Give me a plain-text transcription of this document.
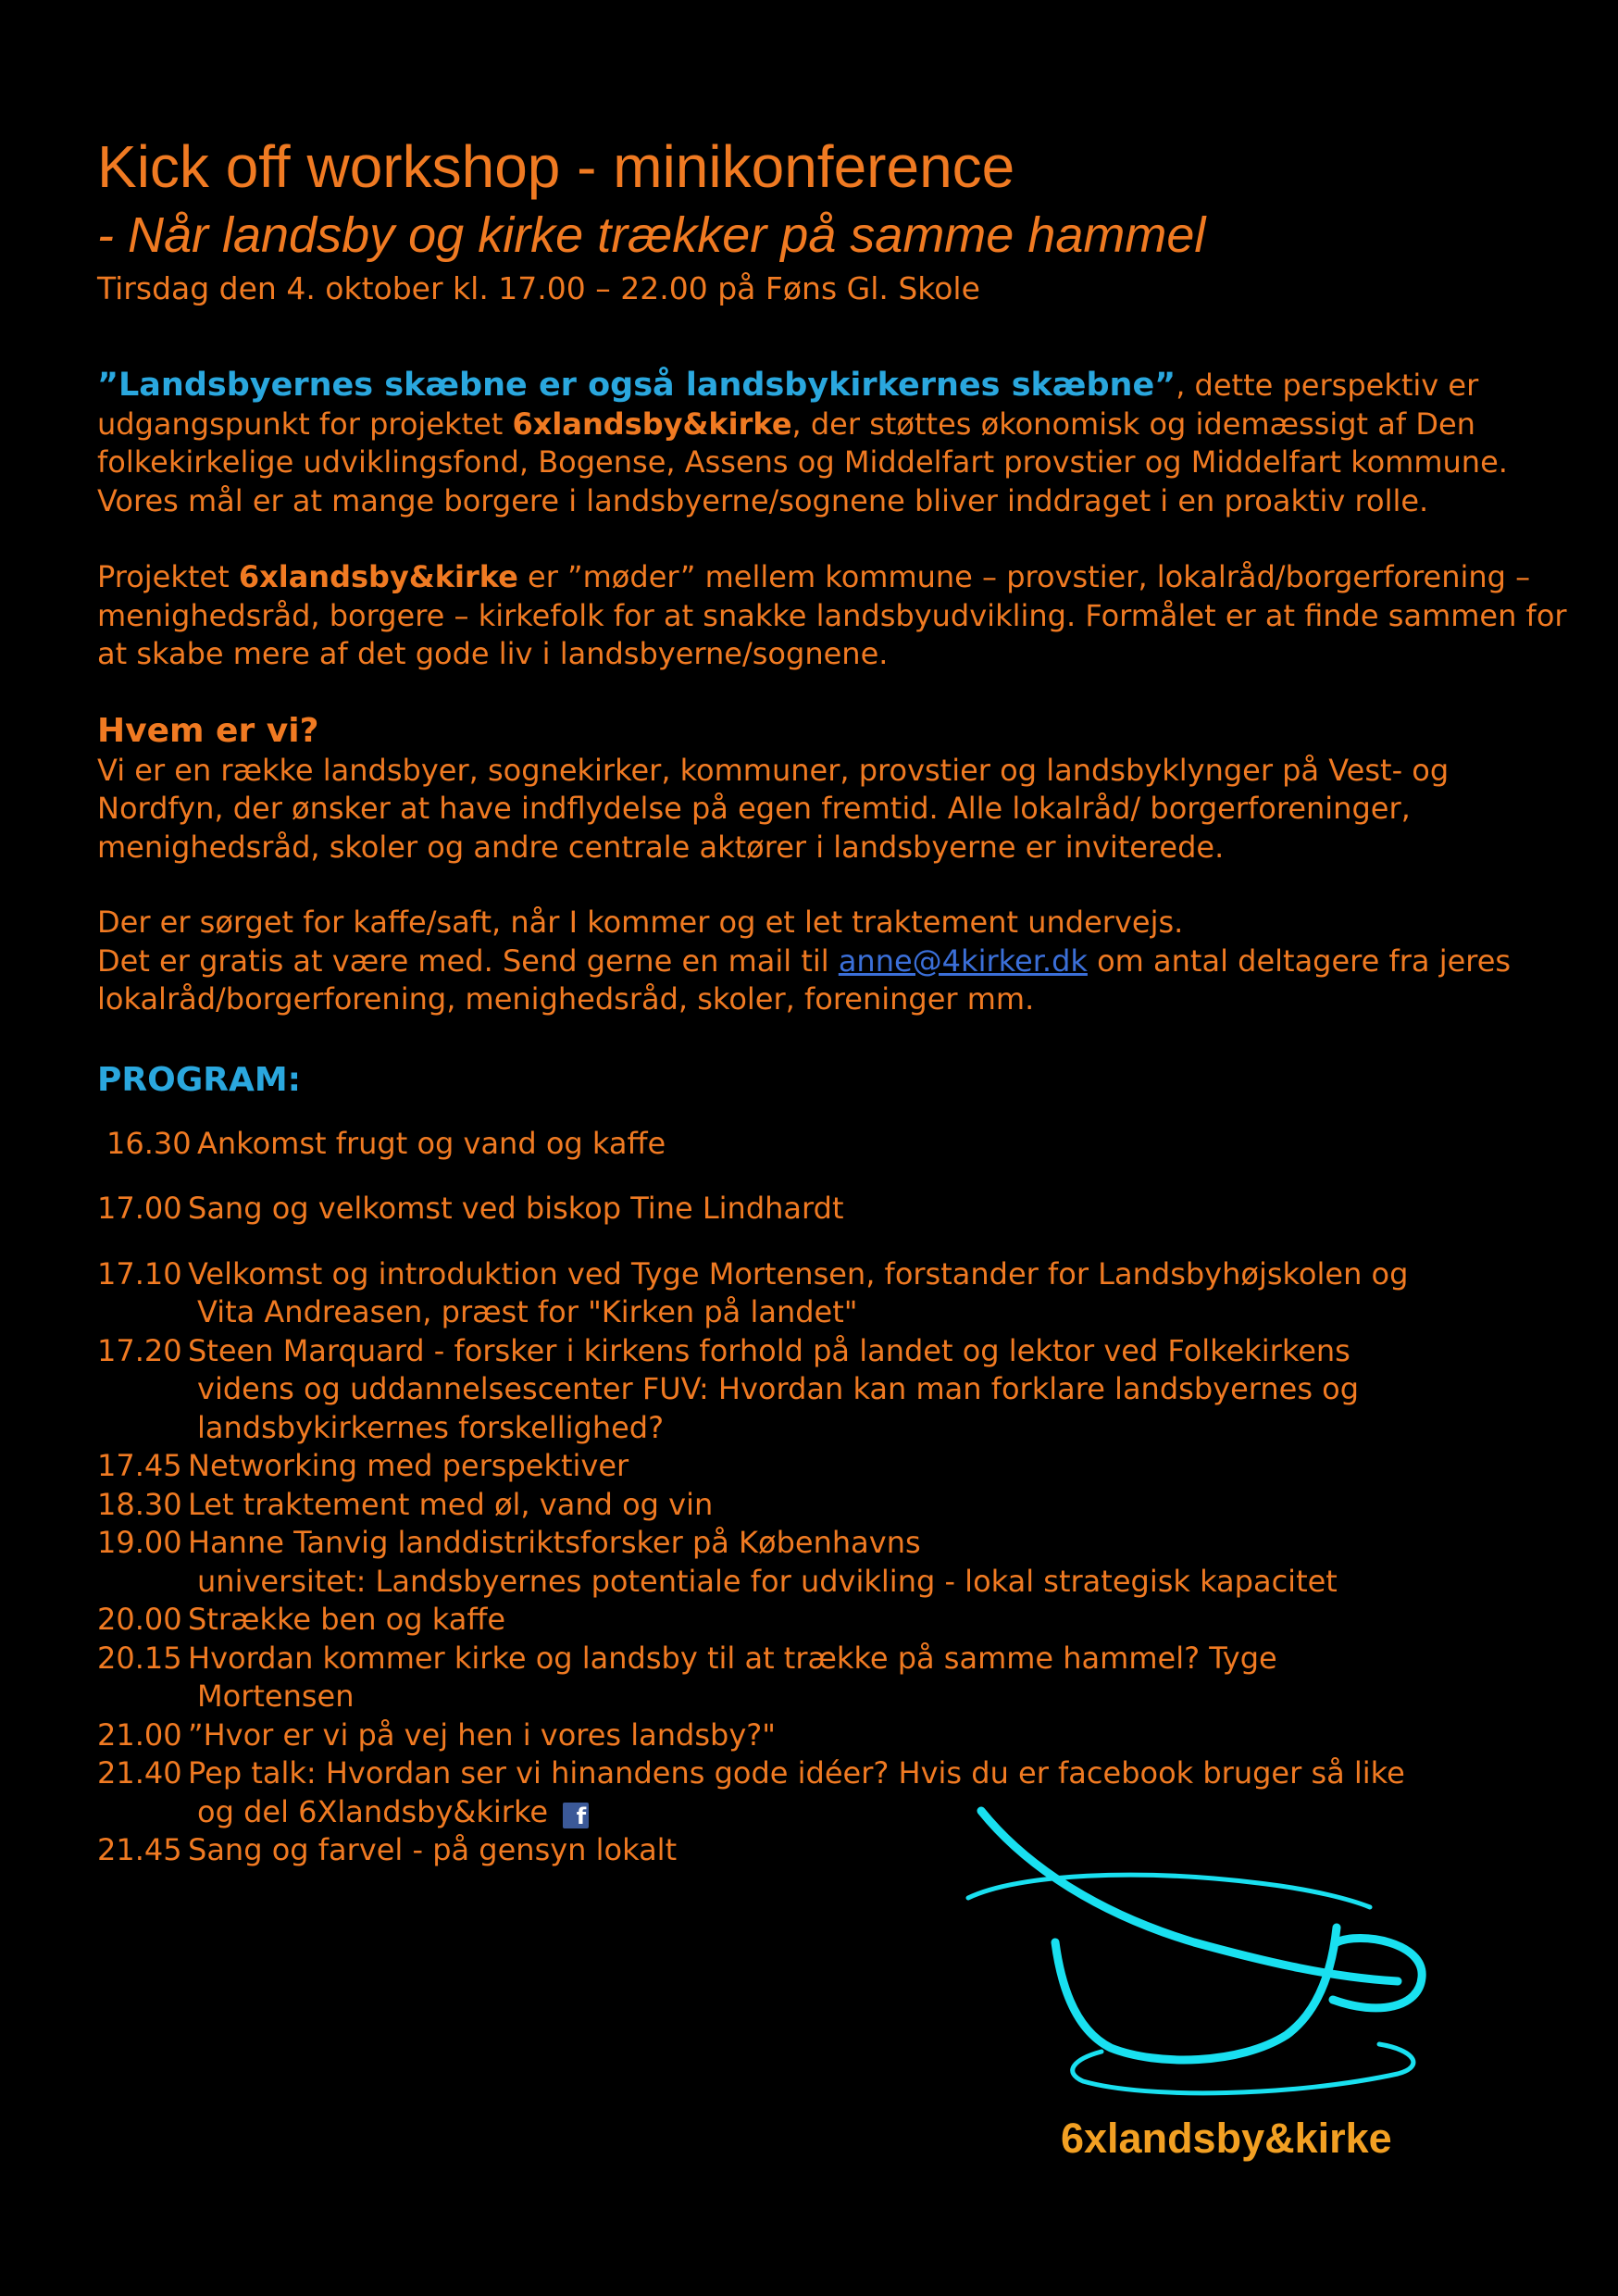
Kick off workshop - minikonference
- Når landsby og kirke trækker på samme hammel

Tirsdag den 4. oktober kl. 17.00 – 22.00 på Føns Gl. Skole

”Landsbyernes skæbne er også landsbykirkernes skæbne”, dette perspektiv er udgangspunkt for projektet 6xlandsby&kirke, der støttes økonomisk og idemæssigt af Den folkekirkelige udviklingsfond, Bogense, Assens og Middelfart provstier og Middelfart kommune. Vores mål er at mange borgere i landsbyerne/sognene bliver inddraget i en proaktiv rolle.

Projektet 6xlandsby&kirke er ”møder” mellem kommune – provstier, lokalråd/borgerforening – menighedsråd, borgere – kirkefolk for at snakke landsbyudvikling. Formålet er at finde sammen for at skabe mere af det gode liv i landsbyerne/sognene.

Hvem er vi?

Vi er en række landsbyer, sognekirker, kommuner, provstier og landsbyklynger på Vest- og Nordfyn, der ønsker at have indflydelse på egen fremtid. Alle lokalråd/ borgerforeninger, menighedsråd, skoler og andre centrale aktører i landsbyerne er inviterede.

Der er sørget for kaffe/saft, når I kommer og et let traktement undervejs.
Det er gratis at være med. Send gerne en mail til anne@4kirker.dk om antal deltagere fra jeres lokalråd/borgerforening, menighedsråd, skoler, foreninger mm.

PROGRAM:
16.30 Ankomst frugt og vand og kaffe
17.00 Sang og velkomst ved biskop Tine Lindhardt
17.10 Velkomst og introduktion ved Tyge Mortensen, forstander for Landsbyhøjskolen og
Vita Andreasen, præst for "Kirken på landet"
17.20 Steen Marquard - forsker i kirkens forhold på landet og lektor ved Folkekirkens
videns og uddannelsescenter FUV: Hvordan kan man forklare landsbyernes og
landsbykirkernes forskellighed?
17.45 Networking med perspektiver
18.30 Let traktement med øl, vand og vin
19.00 Hanne Tanvig landdistriktsforsker på Københavns
universitet: Landsbyernes potentiale for udvikling - lokal strategisk kapacitet
20.00 Strække ben og kaffe
20.15 Hvordan kommer kirke og landsby til at trække på samme hammel? Tyge
Mortensen
21.00 ”Hvor er vi på vej hen i vores landsby?"
21.40 Pep talk: Hvordan ser vi hinandens gode idéer? Hvis du er facebook bruger så like
og del 6Xlandsby&kirke f
21.45 Sang og farvel - på gensyn lokalt
6xlandsby&kirke
